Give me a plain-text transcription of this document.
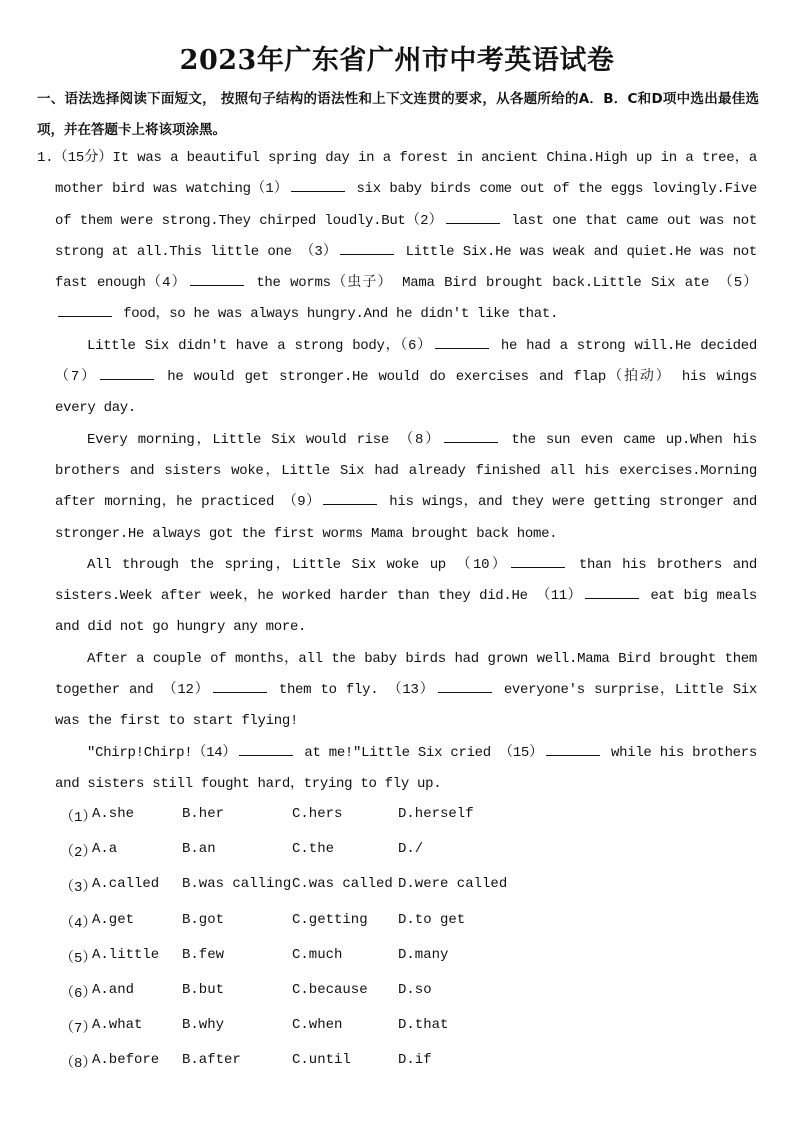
2023年广东省广州市中考英语试卷

一、语法选择阅读下面短文， 按照句子结构的语法性和上下文连贯的要求，从各题所给的A．B．C和D项中选出最佳选项，并在答题卡上将该项涂黑。

1.（15分）It was a beautiful spring day in a forest in ancient China.High up in a tree，a mother bird was watching（1）	six baby birds come out of the eggs lovingly.Five of them were strong.They chirped loudly.But（2）	last one that came out was not strong at all.This little one （3）	Little Six.He was weak and quiet.He was not fast enough（4）	the worms（虫子） Mama Bird brought back.Little Six ate （5） food，so he was always hungry.And he didn't like that.

Little Six didn't have a strong body，（6）	he had a strong will.He decided （7）	he would get stronger.He would do exercises and flap（拍动） his wings every day.

Every morning，Little Six would rise （8）	the sun even came up.When his brothers and sisters woke，Little Six had already finished all his exercises.Morning after morning，he practiced （9）	his wings，and they were getting stronger and stronger.He always got the first worms Mama brought back home.

All through the spring，Little Six woke up （10）	than his brothers and sisters.Week after week，he worked harder than they did.He （11）	eat big meals and did not go hungry any more.

After a couple of months，all the baby birds had grown well.Mama Bird brought them together and （12）	them to fly. （13）	everyone's surprise，Little Six was the first to start flying!

"Chirp!Chirp!（14）	at me!"Little Six cried （15）	while his brothers and sisters still fought hard，trying to fly up.

（1）
A.she	B.her	C.hers	D.herself
（2）
A.a	B.an	C.the	D./
（3）
A.called B.was calling C.was called D.were called
（4）
A.get	B.got	C.getting D.to get
（5）
A.little B.few	C.much	D.many
（6）
A.and	B.but	C.because D.so
（7）
A.what	B.why	C.when	D.that
（8）
A.before B.after	C.until	D.if
